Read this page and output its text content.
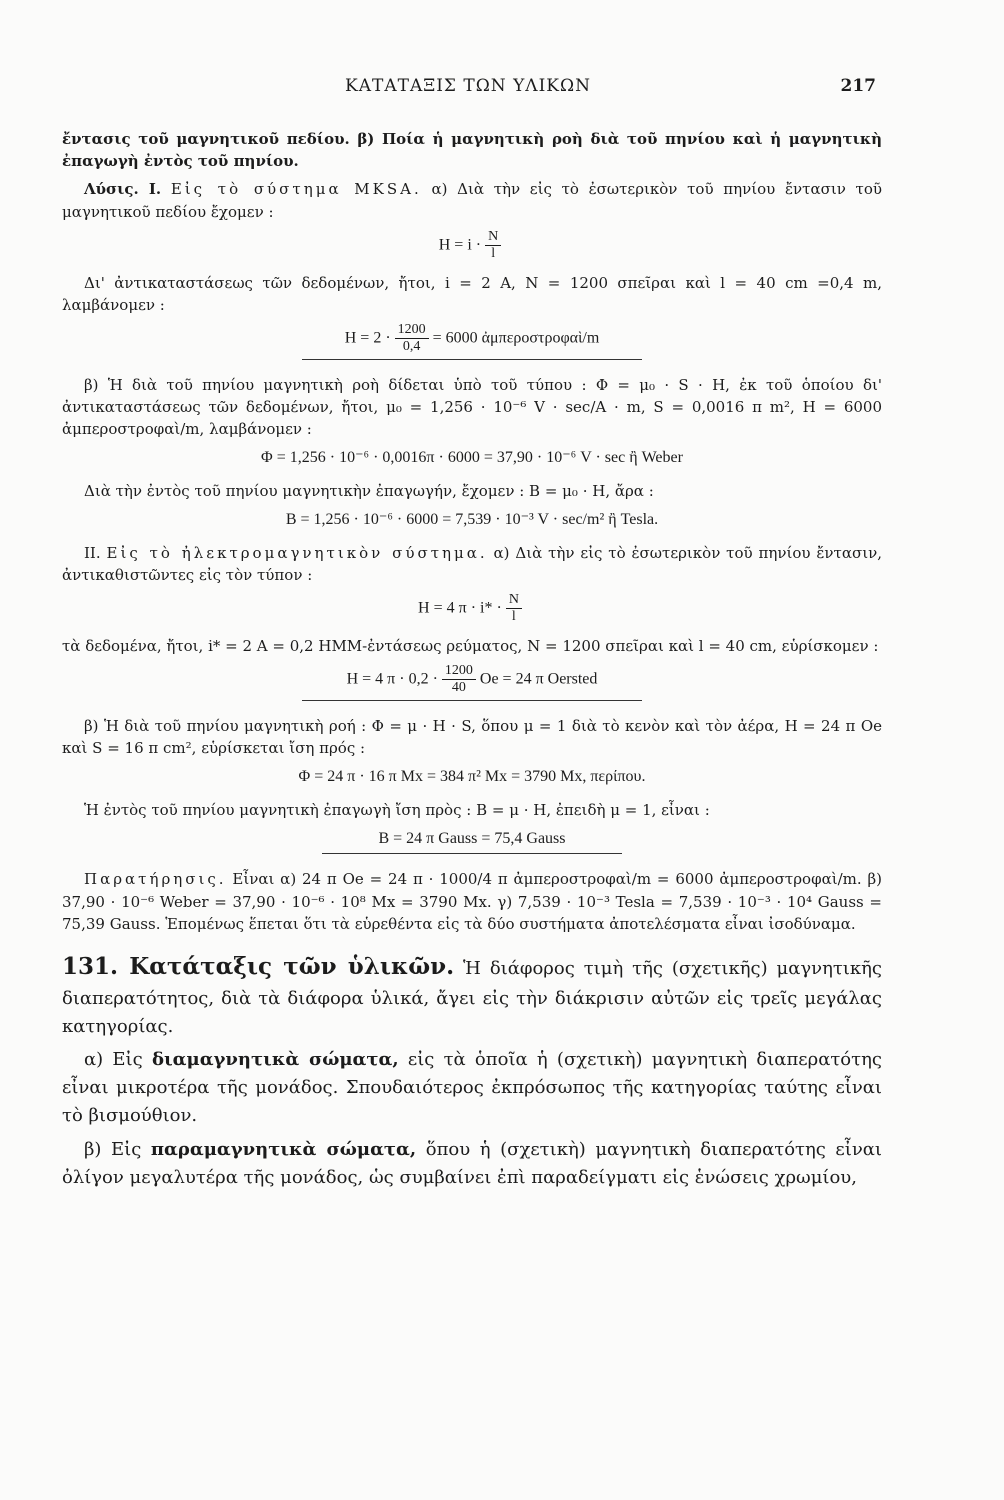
ΚΑΤΑΤΑΞΙΣ ΤΩΝ ΥΛΙΚΩΝ	217

ἔντασις τοῦ μαγνητικοῦ πεδίου. β) Ποία ἡ μαγνητικὴ ροὴ διὰ τοῦ πηνίου καὶ ἡ μαγνητικὴ ἐπαγωγὴ ἐντὸς τοῦ πηνίου.

Λύσις. Ι. Εἰς τὸ σύστημα MKSA. α) Διὰ τὴν εἰς τὸ ἐσωτερικὸν τοῦ πηνίου ἔντασιν τοῦ μαγνητικοῦ πεδίου ἔχομεν :

$H = i \cdot \frac{N}{l}$

Δι' ἀντικαταστάσεως τῶν δεδομένων, ἤτοι, i = 2 A, N = 1200 σπεῖραι καὶ l = 40 cm =0,4 m, λαμβάνομεν :

$H = 2 \cdot \frac{1200}{0,4} = 6000$ ἀμπεροστροφαὶ/m

β) Ἡ διὰ τοῦ πηνίου μαγνητικὴ ροὴ δίδεται ὑπὸ τοῦ τύπου : Φ = μ₀ · S · H, ἐκ τοῦ ὁποίου δι' ἀντικαταστάσεως τῶν δεδομένων, ἤτοι, μ₀ = 1,256 · 10⁻⁶ V · sec/A · m, S = 0,0016 π m², H = 6000 ἀμπεροστροφαὶ/m, λαμβάνομεν :

Φ = 1,256 · 10⁻⁶ · 0,0016π · 6000 = 37,90 · 10⁻⁶ V · sec ἢ Weber

Διὰ τὴν ἐντὸς τοῦ πηνίου μαγνητικὴν ἐπαγωγήν, ἔχομεν : B = μ₀ · H, ἄρα :

B = 1,256 · 10⁻⁶ · 6000 = 7,539 · 10⁻³ V · sec/m² ἢ Tesla.

ΙΙ. Εἰς τὸ ἠλεκτρομαγνητικὸν σύστημα. α) Διὰ τὴν εἰς τὸ ἐσωτερικὸν τοῦ πηνίου ἔντασιν, ἀντικαθιστῶντες εἰς τὸν τύπον :

H = 4 $\pi \cdot i* \cdot \frac{N}{l}$

τὰ δεδομένα, ἤτοι, i* = 2 A = 0,2 ΗΜΜ-ἐντάσεως ρεύματος, N = 1200 σπεῖραι καὶ l = 40 cm, εὑρίσκομεν :

H = 4 $\pi \cdot 0,2 \cdot \frac{1200}{40}$ Oe = 24 π Oersted

β) Ἡ διὰ τοῦ πηνίου μαγνητικὴ ροή : Φ = μ · H · S, ὅπου μ = 1 διὰ τὸ κενὸν καὶ τὸν ἀέρα, H = 24 π Oe καὶ S = 16 π cm², εὑρίσκεται ἴση πρός :

Φ = 24 π · 16 π Mx = 384 π² Mx = 3790 Mx, περίπου.

Ἡ ἐντὸς τοῦ πηνίου μαγνητικὴ ἐπαγωγὴ ἴση πρὸς : B = μ · H, ἐπειδὴ μ = 1, εἶναι :

B = 24 π Gauss = 75,4 Gauss

Παρατήρησις. Εἶναι α) 24 π Oe = 24 π · 1000/4 π ἀμπεροστροφαὶ/m = 6000 ἀμπεροστροφαὶ/m. β) 37,90 · 10⁻⁶ Weber = 37,90 · 10⁻⁶ · 10⁸ Mx = 3790 Mx. γ) 7,539 · 10⁻³ Tesla = 7,539 · 10⁻³ · 10⁴ Gauss = 75,39 Gauss. Ἑπομένως ἕπεται ὅτι τὰ εὑρεθέντα εἰς τὰ δύο συστήματα ἀποτελέσματα εἶναι ἰσοδύναμα.

131. Κατάταξις τῶν ὑλικῶν. Ἡ διάφορος τιμὴ τῆς (σχετικῆς) μαγνητικῆς διαπερατότητος, διὰ τὰ διάφορα ὑλικά, ἄγει εἰς τὴν διάκρισιν αὐτῶν εἰς τρεῖς μεγάλας κατηγορίας.

α) Εἰς διαμαγνητικὰ σώματα, εἰς τὰ ὁποῖα ἡ (σχετικὴ) μαγνητικὴ διαπερατότης εἶναι μικροτέρα τῆς μονάδος. Σπουδαιότερος ἐκπρόσωπος τῆς κατηγορίας ταύτης εἶναι τὸ βισμούθιον.

β) Εἰς παραμαγνητικὰ σώματα, ὅπου ἡ (σχετικὴ) μαγνητικὴ διαπερατότης εἶναι ὀλίγον μεγαλυτέρα τῆς μονάδος, ὡς συμβαίνει ἐπὶ παραδείγματι εἰς ἑνώσεις χρωμίου,
